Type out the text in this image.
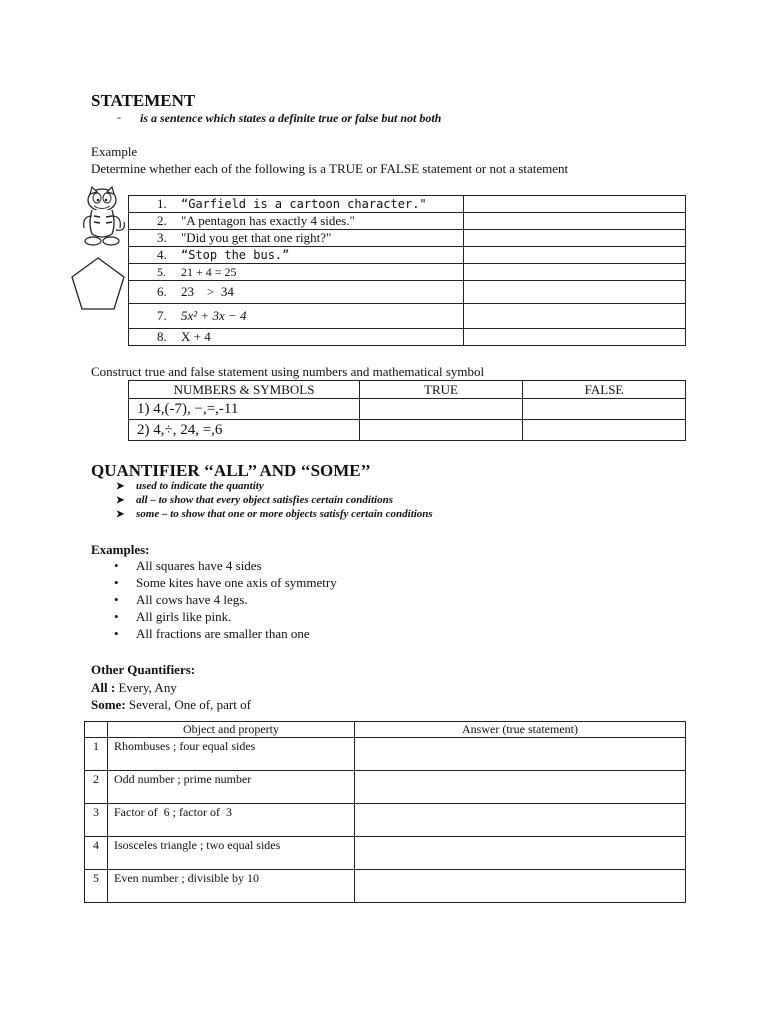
STATEMENT
- is a sentence which states a definite true or false but not both
Example
Determine whether each of the following is a TRUE or FALSE statement or not a statement
1. “Garfield is a cartoon character."	
2. "A pentagon has exactly 4 sides."	
3. "Did you get that one right?"	
4. “Stop the bus.”	
5. 21 + 4 = 25	
6. 23    >  34	
7. 5x² + 3x − 4	
8. X + 4	
Construct true and false statement using numbers and mathematical symbol
NUMBERS & SYMBOLS	TRUE	FALSE
1) 4,(-7), −,=,-11		
2) 4,÷, 24, =,6		
QUANTIFIER ‘‘ALL’’ AND ‘‘SOME’’
➤ used to indicate the quantity
➤ all – to show that every object satisfies certain conditions
➤ some – to show that one or more objects satisfy certain conditions
Examples:
• All squares have 4 sides
• Some kites have one axis of symmetry
• All cows have 4 legs.
• All girls like pink.
• All fractions are smaller than one
Other Quantifiers:
All : Every, Any
Some: Several, One of, part of
	Object and property	Answer (true statement)
1	Rhombuses ; four equal sides	
2	Odd number ; prime number	
3	Factor of  6 ; factor of  3	
4	Isosceles triangle ; two equal sides	
5	Even number ; divisible by 10	
